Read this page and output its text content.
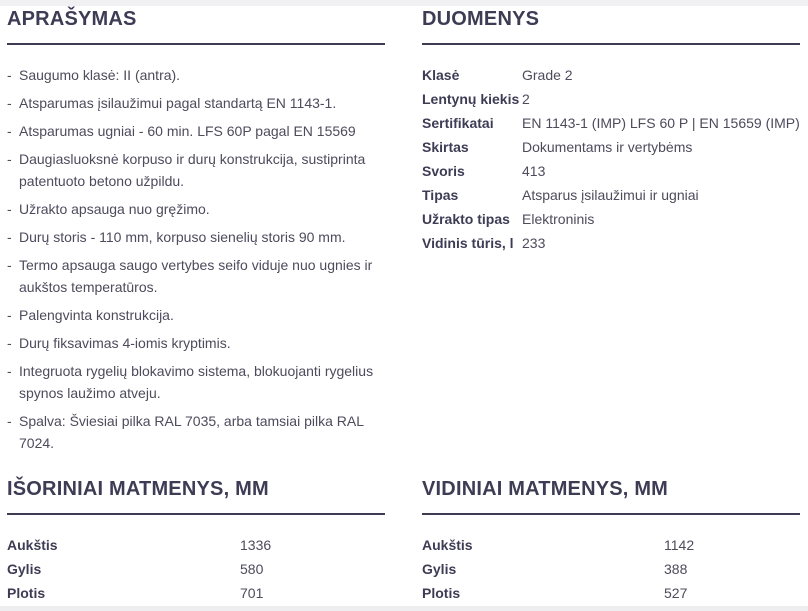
APRAŠYMAS
- Saugumo klasė: II (antra).
- Atsparumas įsilaužimui pagal standartą EN 1143-1.
- Atsparumas ugniai - 60 min. LFS 60P pagal EN 15569
- Daugiasluoksnė korpuso ir durų konstrukcija, sustiprinta patentuoto betono užpildu.
- Užrakto apsauga nuo gręžimo.
- Durų storis - 110 mm, korpuso sienelių storis 90 mm.
- Termo apsauga saugo vertybes seifo viduje nuo ugnies ir aukštos temperatūros.
- Palengvinta konstrukcija.
- Durų fiksavimas 4-iomis kryptimis.
- Integruota rygelių blokavimo sistema, blokuojanti rygelius spynos laužimo atveju.
- Spalva: Šviesiai pilka RAL 7035, arba tamsiai pilka RAL 7024.
IŠORINIAI MATMENYS, MM
Aukštis	1336
Gylis	580
Plotis	701
DUOMENYS
Klasė	Grade 2
Lentynų kiekis	2
Sertifikatai	EN 1143-1 (IMP) LFS 60 P | EN 15659 (IMP)
Skirtas	Dokumentams ir vertybėms
Svoris	413
Tipas	Atsparus įsilaužimui ir ugniai
Užrakto tipas	Elektroninis
Vidinis tūris, l	233
VIDINIAI MATMENYS, MM
Aukštis	1142
Gylis	388
Plotis	527
